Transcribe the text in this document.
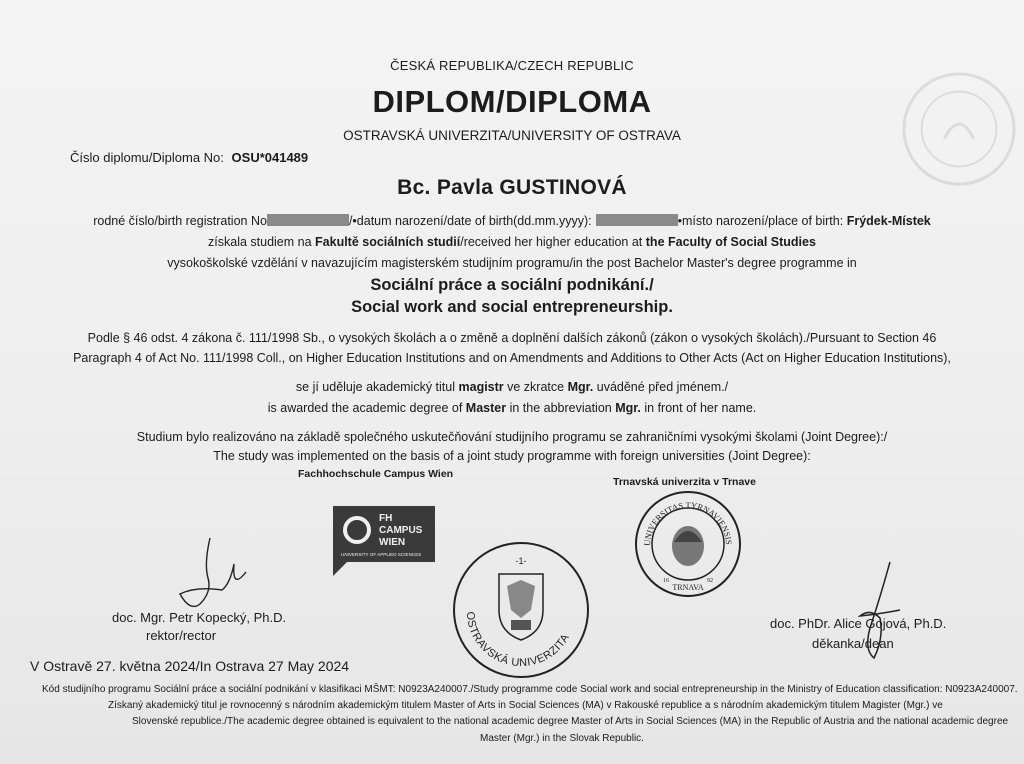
ČESKÁ REPUBLIKA/CZECH REPUBLIC
DIPLOM/DIPLOMA
OSTRAVSKÁ UNIVERZITA/UNIVERSITY OF OSTRAVA
Číslo diplomu/Diploma No: OSU*041489
Bc. Pavla GUSTINOVÁ
rodné číslo/birth registration No	/•datum narození/date of birth(dd.mm.yyyy):	•místo narození/place of birth: Frýdek-Místek
získala studiem na Fakultě sociálních studií/received her higher education at the Faculty of Social Studies
vysokoškolské vzdělání v navazujícím magisterském studijním programu/in the post Bachelor Master's degree programme in
Sociální práce a sociální podnikání./
Social work and social entrepreneurship.
Podle § 46 odst. 4 zákona č. 111/1998 Sb., o vysokých školách a o změně a doplnění dalších zákonů (zákon o vysokých školách)./Pursuant to Section 46
Paragraph 4 of Act No. 111/1998 Coll., on Higher Education Institutions and on Amendments and Additions to Other Acts (Act on Higher Education Institutions),
se jí uděluje akademický titul magistr ve zkratce Mgr. uváděné před jménem./
is awarded the academic degree of Master in the abbreviation Mgr. in front of her name.
Studium bylo realizováno na základě společného uskutečňování studijního programu se zahraničními vysokými školami (Joint Degree):/
The study was implemented on the basis of a joint study programme with foreign universities (Joint Degree):
Fachhochschule Campus Wien
Trnavská univerzita v Trnave
FH
CAMPUS
WIEN
UNIVERSITY OF APPLIED SCIENCES
UNIVERSITAS TYRNAVIENSIS
TRNAVA
16	92
-1-
OSTRAVSKÁ UNIVERZITA
doc. Mgr. Petr Kopecký, Ph.D.
rektor/rector
doc. PhDr. Alice Gojová, Ph.D.
děkanka/dean
V Ostravě 27. května 2024/In Ostrava 27 May 2024
Kód studijního programu Sociální práce a sociální podnikání v klasifikaci MŠMT: N0923A240007./Study programme code Social work and social entrepreneurship in the Ministry of Education classification: N0923A240007.
Získaný akademický titul je rovnocenný s národním akademickým titulem Master of Arts in Social Sciences (MA) v Rakouské republice a s národním akademickým titulem Magister (Mgr.) ve
Slovenské republice./The academic degree obtained is equivalent to the national academic degree Master of Arts in Social Sciences (MA) in the Republic of Austria and the national academic degree
Master (Mgr.) in the Slovak Republic.
